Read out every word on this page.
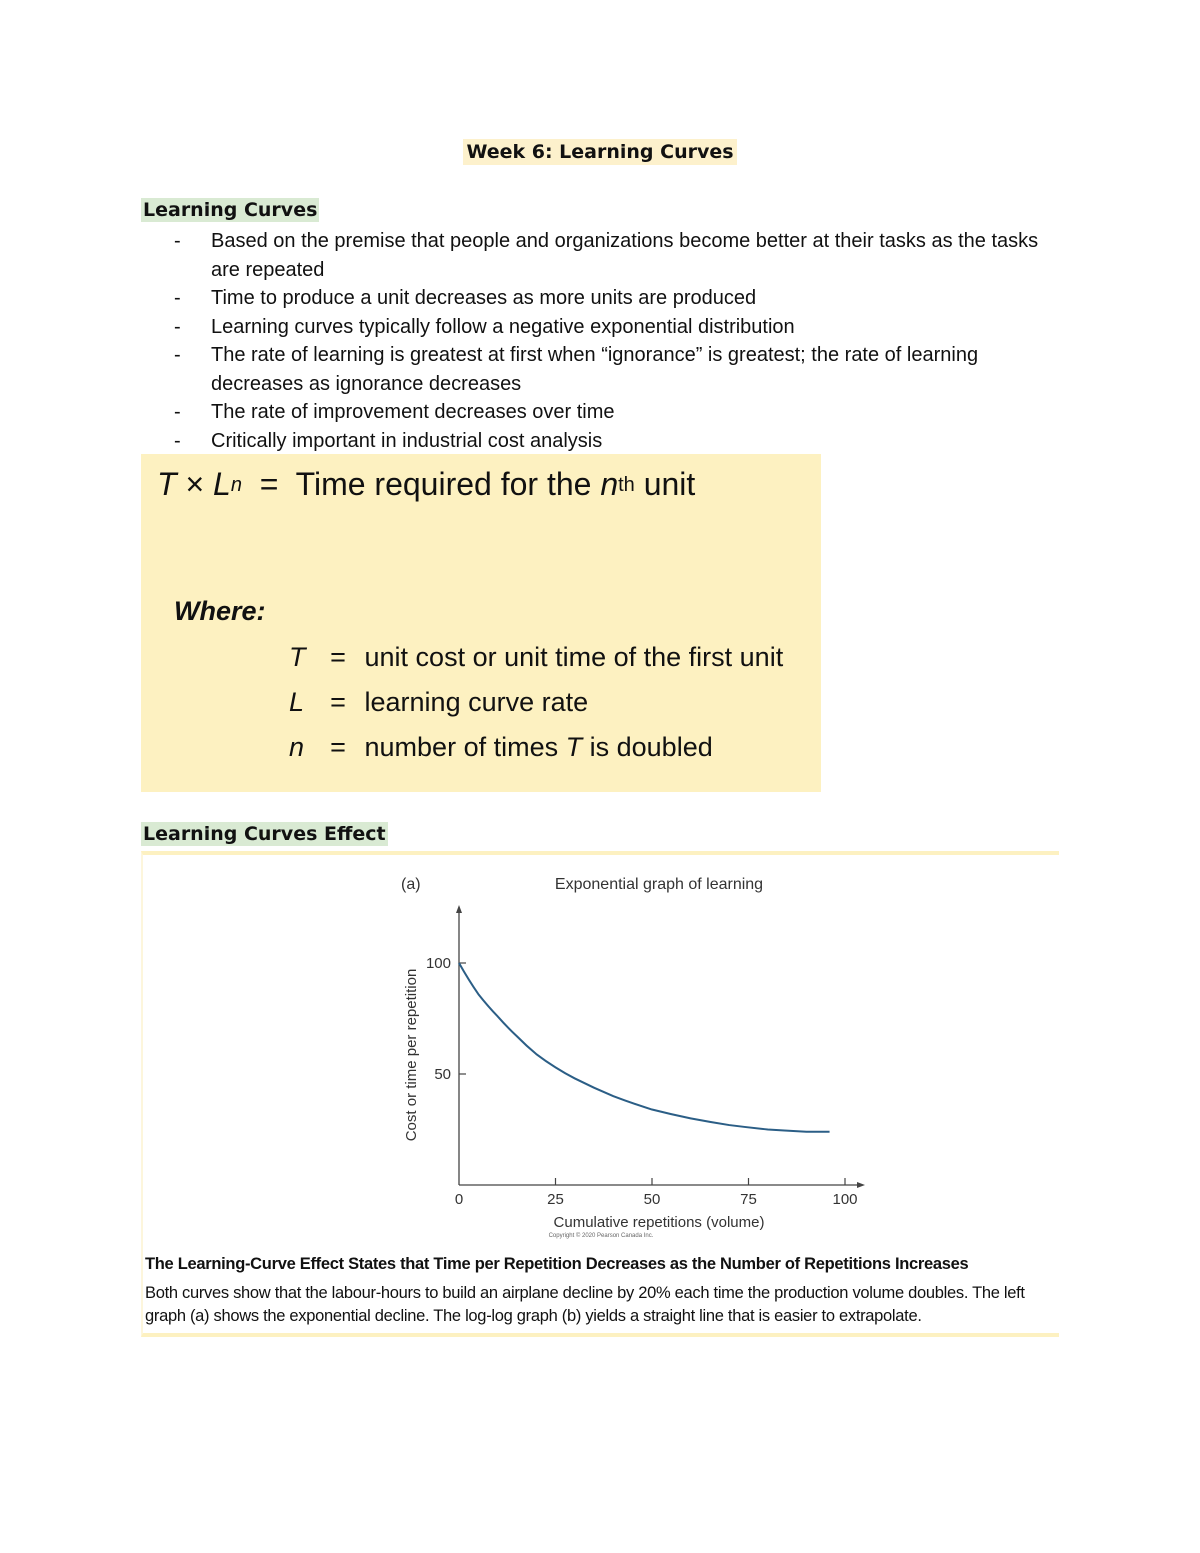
Week 6: Learning Curves
Learning Curves
- Based on the premise that people and organizations become better at their tasks as the tasks are repeated
- Time to produce a unit decreases as more units are produced
- Learning curves typically follow a negative exponential distribution
- The rate of learning is greatest at first when “ignorance” is greatest; the rate of learning decreases as ignorance decreases
- The rate of improvement decreases over time
- Critically important in industrial cost analysis
$T \times L^n$ = Time required for the $n^{th}$ unit
Where:
T = unit cost or unit time of the first unit
L = learning curve rate
n = number of times T is doubled
Learning Curves Effect
(a)	Exponential graph of learning
0	25	50	75	100
50
100
Cumulative repetitions (volume)
Cost or time per repetition
Copyright © 2020 Pearson Canada Inc.
The Learning-Curve Effect States that Time per Repetition Decreases as the Number of Repetitions Increases
Both curves show that the labour-hours to build an airplane decline by 20% each time the production volume doubles. The left graph (a) shows the exponential decline. The log-log graph (b) yields a straight line that is easier to extrapolate.
